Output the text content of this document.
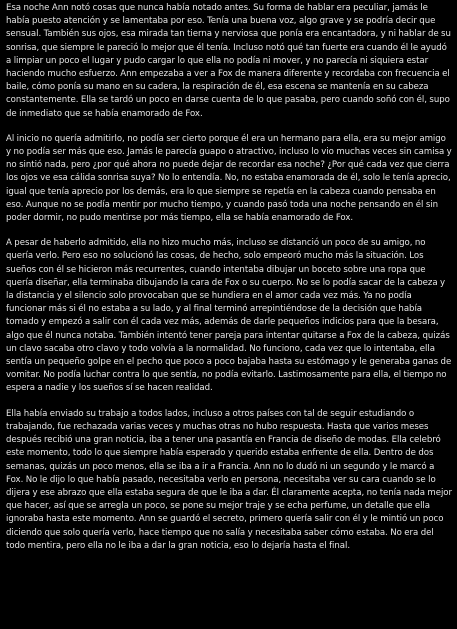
Esa noche Ann notó cosas que nunca había notado antes. Su forma de hablar era peculiar, jamás le había puesto atención y se lamentaba por eso. Tenía una buena voz, algo grave y se podría decir que sensual. También sus ojos, esa mirada tan tierna y nerviosa que ponía era encantadora, y ni hablar de su sonrisa, que siempre le pareció lo mejor que él tenía. Incluso notó qué tan fuerte era cuando él le ayudó a limpiar un poco el lugar y pudo cargar lo que ella no podía ni mover, y no parecía ni siquiera estar haciendo mucho esfuerzo. Ann empezaba a ver a Fox de manera diferente y recordaba con frecuencia el baile, cómo ponía su mano en su cadera, la respiración de él, esa escena se mantenía en su cabeza constantemente. Ella se tardó un poco en darse cuenta de lo que pasaba, pero cuando soñó con él, supo de inmediato que se había enamorado de Fox.

Al inicio no quería admitirlo, no podía ser cierto porque él era un hermano para ella, era su mejor amigo y no podía ser más que eso. Jamás le parecía guapo o atractivo, incluso lo vio muchas veces sin camisa y no sintió nada, pero ¿por qué ahora no puede dejar de recordar esa noche? ¿Por qué cada vez que cierra los ojos ve esa cálida sonrisa suya? No lo entendía. No, no estaba enamorada de él, solo le tenía aprecio, igual que tenía aprecio por los demás, era lo que siempre se repetía en la cabeza cuando pensaba en eso. Aunque no se podía mentir por mucho tiempo, y cuando pasó toda una noche pensando en él sin poder dormir, no pudo mentirse por más tiempo, ella se había enamorado de Fox.

A pesar de haberlo admitido, ella no hizo mucho más, incluso se distanció un poco de su amigo, no quería verlo. Pero eso no solucionó las cosas, de hecho, solo empeoró mucho más la situación. Los sueños con él se hicieron más recurrentes, cuando intentaba dibujar un boceto sobre una ropa que quería diseñar, ella terminaba dibujando la cara de Fox o su cuerpo. No se lo podía sacar de la cabeza y la distancia y el silencio solo provocaban que se hundiera en el amor cada vez más. Ya no podía funcionar más si él no estaba a su lado, y al final terminó arrepintiéndose de la decisión que había tomado y empezó a salir con él cada vez más, además de darle pequeños indicios para que la besara, algo que él nunca notaba. También intentó tener pareja para intentar quitarse a Fox de la cabeza, quizás un clavo sacaba otro clavo y todo volvía a la normalidad. No funciono, cada vez que lo intentaba, ella sentía un pequeño golpe en el pecho que poco a poco bajaba hasta su estómago y le generaba ganas de vomitar. No podía luchar contra lo que sentía, no podía evitarlo. Lastimosamente para ella, el tiempo no espera a nadie y los sueños sí se hacen realidad.

Ella había enviado su trabajo a todos lados, incluso a otros países con tal de seguir estudiando o trabajando, fue rechazada varias veces y muchas otras no hubo respuesta. Hasta que varios meses después recibió una gran noticia, iba a tener una pasantía en Francia de diseño de modas. Ella celebró este momento, todo lo que siempre había esperado y querido estaba enfrente de ella. Dentro de dos semanas, quizás un poco menos, ella se iba a ir a Francia. Ann no lo dudó ni un segundo y le marcó a Fox. No le dijo lo que había pasado, necesitaba verlo en persona, necesitaba ver su cara cuando se lo dijera y ese abrazo que ella estaba segura de que le iba a dar. Él claramente acepta, no tenía nada mejor que hacer, así que se arregla un poco, se pone su mejor traje y se echa perfume, un detalle que ella ignoraba hasta este momento. Ann se guardó el secreto, primero quería salir con él y le mintió un poco diciendo que solo quería verlo, hace tiempo que no salía y necesitaba saber cómo estaba. No era del todo mentira, pero ella no le iba a dar la gran noticia, eso lo dejaría hasta el final.
